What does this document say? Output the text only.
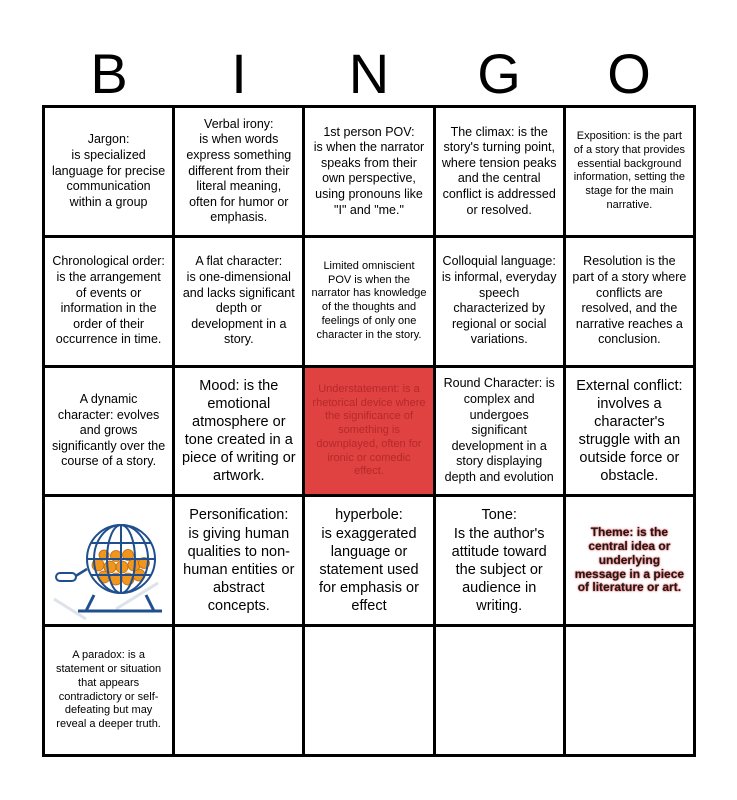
B	I	N	G	O
Jargon:
is specialized language for precise communication within a group
Verbal irony:
is when words express something different from their literal meaning, often for humor or emphasis.
1st person POV:
is when the narrator speaks from their own perspective, using pronouns like "I" and "me."
The climax: is the story's turning point, where tension peaks and the central conflict is addressed or resolved.
Exposition: is the part of a story that provides essential background information, setting the stage for the main narrative.
Chronological order: is the arrangement of events or information in the order of their occurrence in time.
A flat character:
is one-dimensional and lacks significant depth or development in a story.
Limited omniscient POV is when the narrator has knowledge of the thoughts and feelings of only one character in the story.
Colloquial language:
is informal, everyday speech characterized by regional or social variations.
Resolution is the part of a story where conflicts are resolved, and the narrative reaches a conclusion.
A dynamic character: evolves and grows significantly over the course of a story.
Mood: is the emotional atmosphere or tone created in a piece of writing or artwork.
Understatement: is a rhetorical device where the significance of something is downplayed, often for ironic or comedic effect.
Round Character: is complex and undergoes significant development in a story displaying depth and evolution
External conflict: involves a character's struggle with an outside force or obstacle.
Personification:
is giving human qualities to non-human entities or abstract concepts.
hyperbole:
is exaggerated language or statement used for emphasis or effect
Tone:
Is the author's attitude toward the subject or audience in writing.
Theme: is the central idea or underlying message in a piece of literature or art.
A paradox: is a statement or situation that appears contradictory or self-defeating but may reveal a deeper truth.
